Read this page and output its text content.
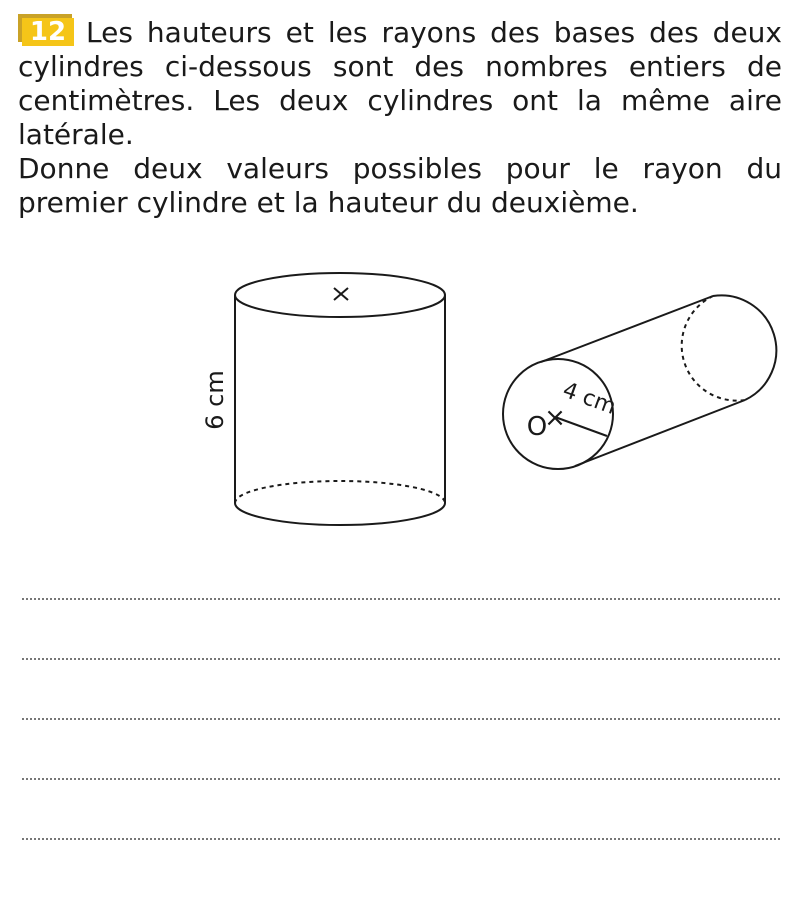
12 Les hauteurs et les rayons des bases des deux cylindres ci-dessous sont des nombres entiers de centimètres. Les deux cylindres ont la même aire latérale.

Donne deux valeurs possibles pour le rayon du premier cylindre et la hauteur du deuxième.

6 cm	O
×
4 cm
